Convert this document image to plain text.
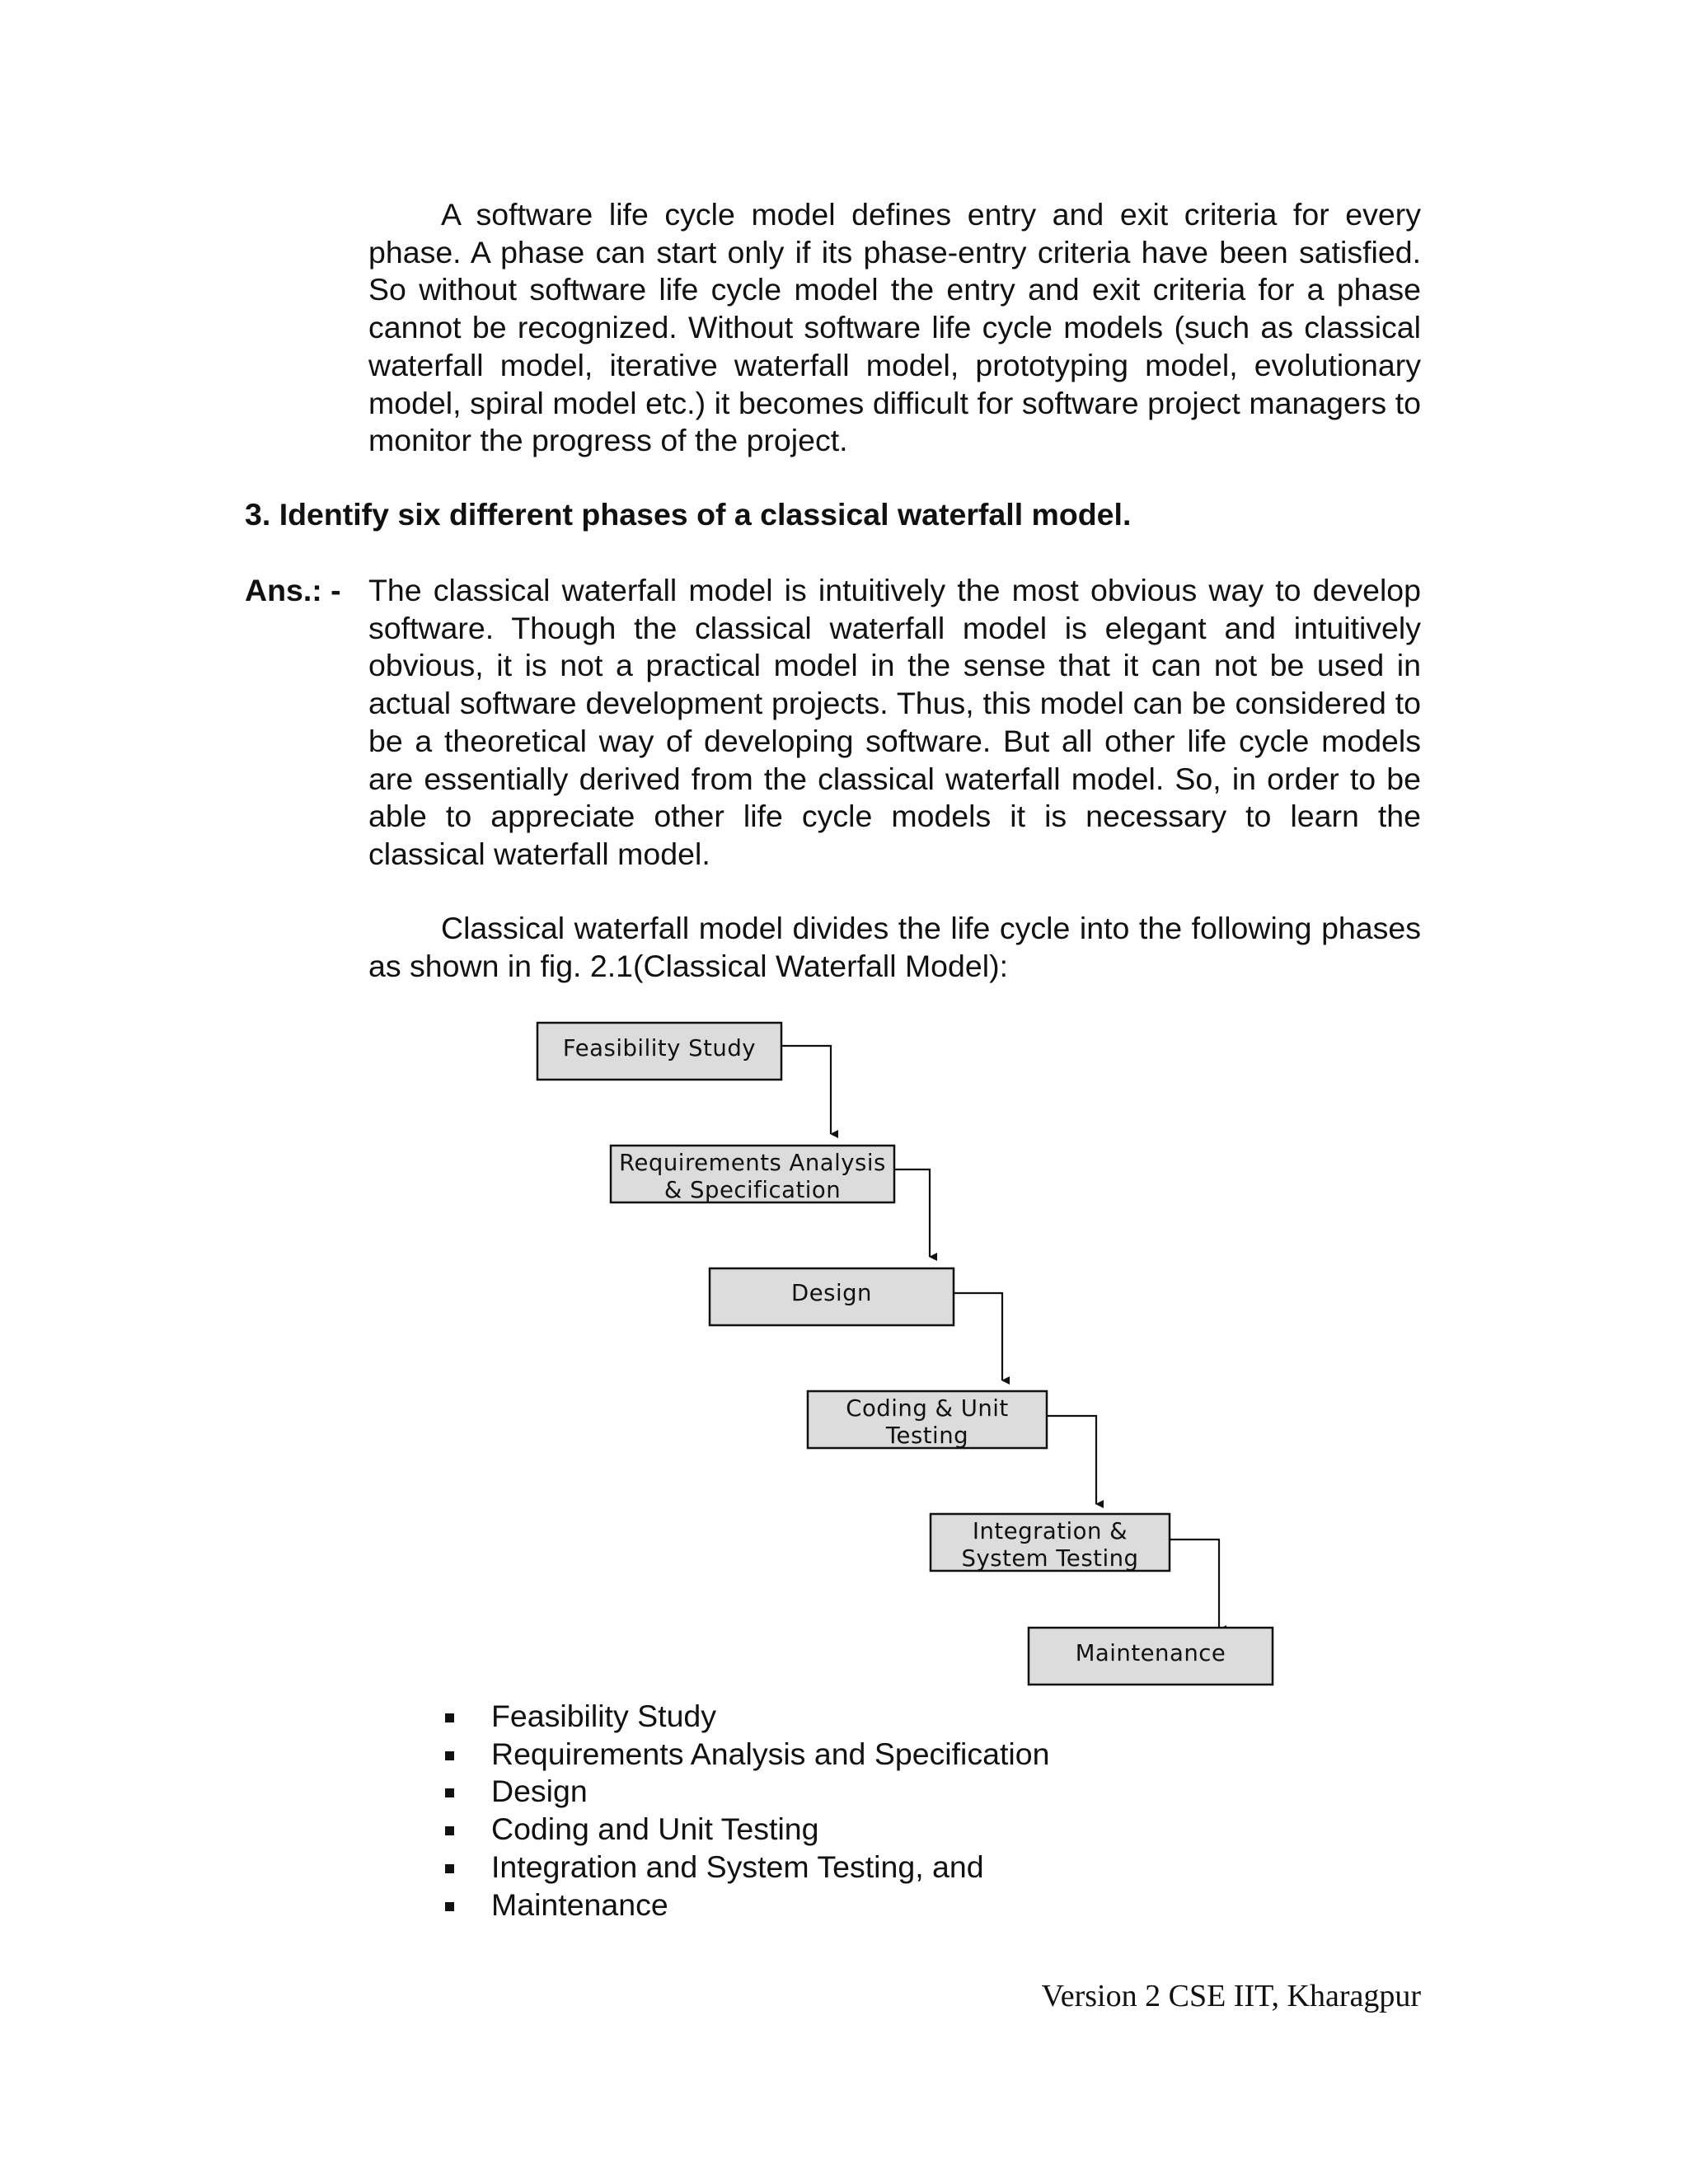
A software life cycle model defines entry and exit criteria for every phase. A phase can start only if its phase-entry criteria have been satisfied. So without software life cycle model the entry and exit criteria for a phase cannot be recognized. Without software life cycle models (such as classical waterfall model, iterative waterfall model, prototyping model, evolutionary model, spiral model etc.) it becomes difficult for software project managers to monitor the progress of the project.

3. Identify six different phases of a classical waterfall model.

Ans.: - The classical waterfall model is intuitively the most obvious way to develop software. Though the classical waterfall model is elegant and intuitively obvious, it is not a practical model in the sense that it can not be used in actual software development projects. Thus, this model can be considered to be a theoretical way of developing software. But all other life cycle models are essentially derived from the classical waterfall model. So, in order to be able to appreciate other life cycle models it is necessary to learn the classical waterfall model.

Classical waterfall model divides the life cycle into the following phases as shown in fig. 2.1(Classical Waterfall Model):

Feasibility Study
Requirements Analysis
& Specification
Design
Coding & Unit
Testing
Integration &
System Testing
Maintenance
Feasibility Study
Requirements Analysis and Specification
Design
Coding and Unit Testing
Integration and System Testing, and
Maintenance

Version 2 CSE IIT, Kharagpur
